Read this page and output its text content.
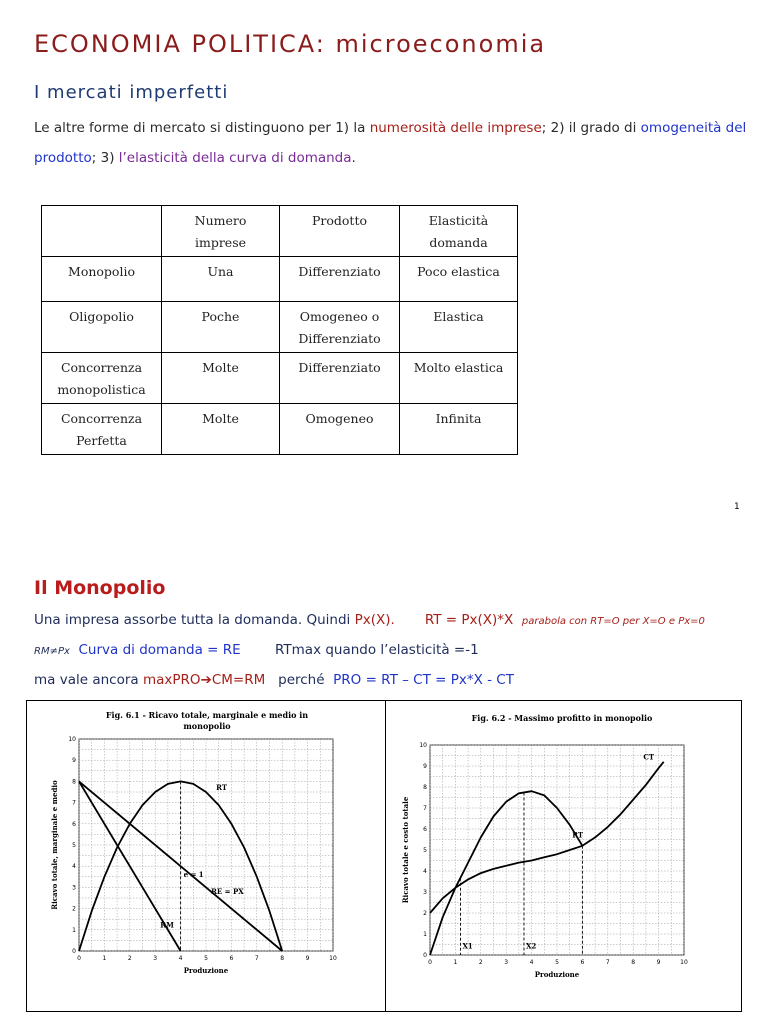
ECONOMIA POLITICA: microeconomia
I mercati imperfetti
Le altre forme di mercato si distinguono per 1) la numerosità delle imprese; 2) il grado di omogeneità del prodotto; 3) l’elasticità della curva di domanda.
	Numero imprese	Prodotto	Elasticità domanda
Monopolio	Una	Differenziato	Poco elastica
Oligopolio	Poche	Omogeneo o Differenziato	Elastica
Concorrenza monopolistica	Molte	Differenziato	Molto elastica
Concorrenza Perfetta	Molte	Omogeneo	Infinita
1
Il Monopolio
Una impresa assorbe tutta la domanda. Quindi Px(X). RT = Px(X)*X parabola con RT=O per X=O e Px=0
RM≠Px Curva di domanda = RE	RTmax quando l’elasticità =-1
ma vale ancora maxPRO➔CM=RM perché PRO = RT – CT = Px*X - CT
Fig. 6.1 - Ricavo totale, marginale e medio in
monopolio
0	1	2	3	4	5	6	7	8	9	10
0
1
2
3
4
5
6
7
8
9
10
Produzione
Ricavo totale, marginale e medio	RT
RE = PX
RM
e = 1
Fig. 6.2 - Massimo profitto in monopolio
0	1	2	3	4	5	6	7	8	9	10
0
1
2
3
4
5
6
7
8
9
10
Produzione
Ricavo totale e costo totale	RT
CT
X1	X2
